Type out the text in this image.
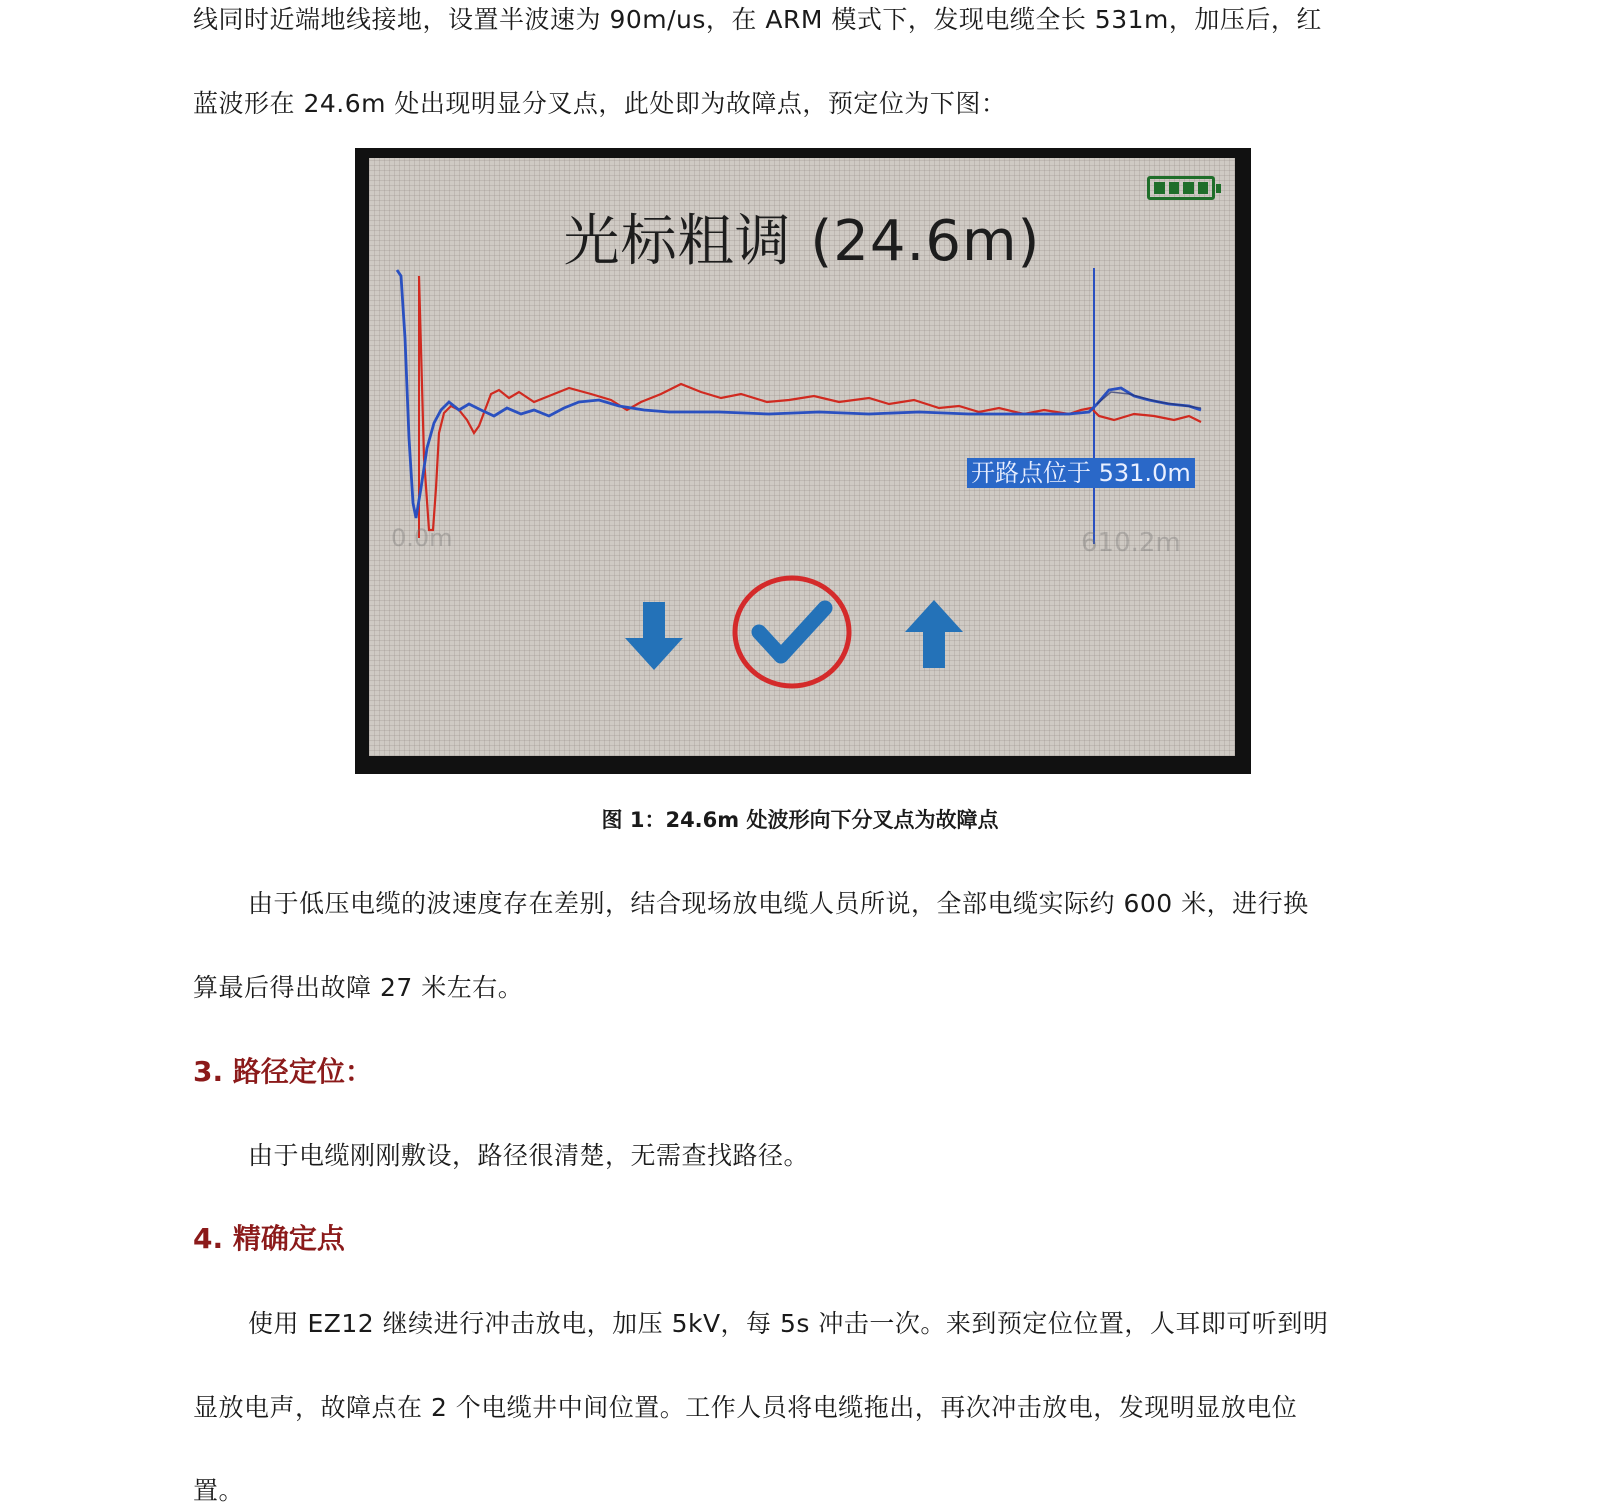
线同时近端地线接地，设置半波速为 90m/us，在 ARM 模式下，发现电缆全长 531m，加压后，红
蓝波形在 24.6m 处出现明显分叉点，此处即为故障点，预定位为下图：
光标粗调 (24.6m)
0.0m	610.2m
开路点位于 531.0m
图 1：24.6m 处波形向下分叉点为故障点
由于低压电缆的波速度存在差别，结合现场放电缆人员所说，全部电缆实际约 600 米，进行换
算最后得出故障 27 米左右。
3. 路径定位：
由于电缆刚刚敷设，路径很清楚，无需查找路径。
4. 精确定点
使用 EZ12 继续进行冲击放电，加压 5kV，每 5s 冲击一次。来到预定位位置，人耳即可听到明
显放电声，故障点在 2 个电缆井中间位置。工作人员将电缆拖出，再次冲击放电，发现明显放电位
置。
